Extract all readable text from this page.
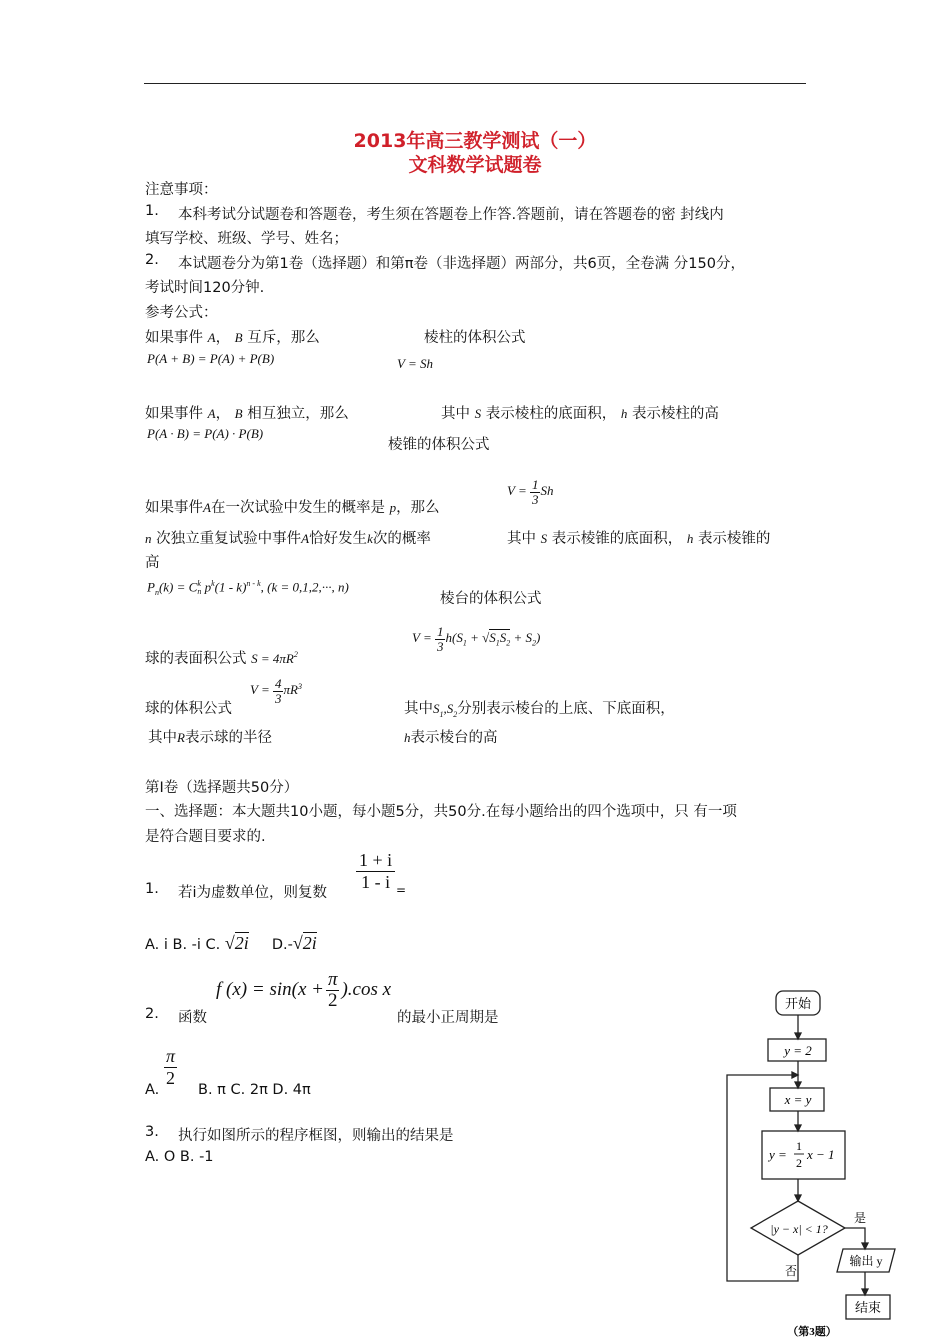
2013年高三教学测试（一）
文科数学试题卷
注意事项：
1. 本科考试分试题卷和答题卷，考生须在答题卷上作答.答题前，请在答题卷的密 封线内
填写学校、班级、学号、姓名；
2. 本试题卷分为第1卷（选择题）和第π卷（非选择题）两部分，共6页，全卷满 分150分，
考试时间120分钟.
参考公式：
如果事件 A， B 互斥，那么
P(A + B) = P(A) + P(B)
棱柱的体积公式
V = Sh
如果事件 A， B 相互独立，那么
P(A · B) = P(A) · P(B)
其中 S 表示棱柱的底面积， h 表示棱柱的高
棱锥的体积公式
$V = \frac{1}{3}$ Sh
如果事件A在一次试验中发生的概率是 p，那么
n 次独立重复试验中事件A恰好发生k次的概率	其中 S 表示棱锥的底面积， h 表示棱锥的
高
$P_n(k) = C$ k
n $p^k(1 - k)^{n - k}$, (k = 0,1,2,···, n)
棱台的体积公式
$V = \frac{1}{3} h(S_1 + √S_1S_2 + S_2)$
球的表面积公式 $S = 4\pi R^2$
$V = \frac{4}{3} \pi R^3$
球的体积公式	其中$S_1,S_2$分别表示棱台的上底、下底面积，
其中R表示球的半径	h表示棱台的高
第I卷（选择题共50分）
一、选择题：本大题共10小题，每小题5分，共50分.在每小题给出的四个选项中，只 有一项
是符合题目要求的.
1. 若i为虚数单位，则复数 $\frac{1 + i}{1 - i}$ =
A. i B. -i C. √2i D.-√2i
2. 函数
f $(x) = \sin(x + \frac{\pi}{2} ).\cos$ x
的最小正周期是
$\frac{\pi}{2}$
A.	B. π C. 2π D. 4π
3. 执行如图所示的程序框图，则输出的结果是
A. O B. -1
开始
y = 2
x = y
y =
1
2
x − 1
|y − x| < 1?
是
否
输出 y
结束
（第3题）
